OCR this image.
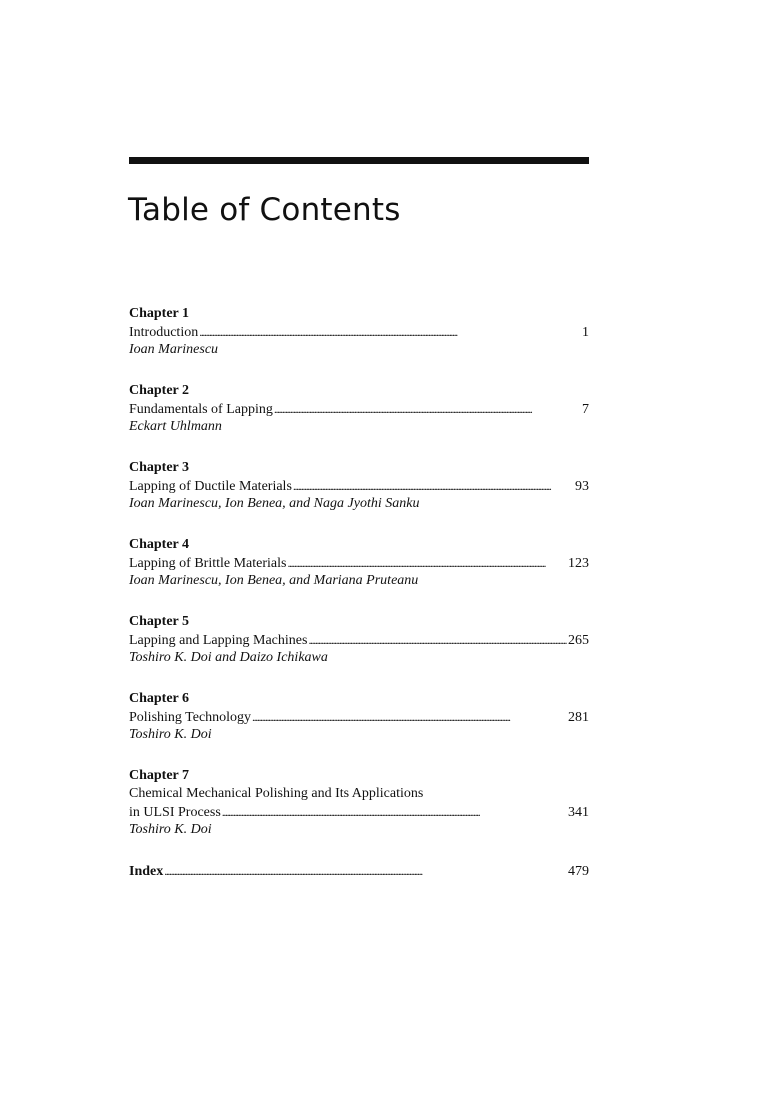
Table of Contents
Chapter 1
Introduction . . .	1
Ioan Marinescu
Chapter 2
Fundamentals of Lapping . . .	7
Eckart Uhlmann
Chapter 3
Lapping of Ductile Materials . . .	93
Ioan Marinescu, Ion Benea, and Naga Jyothi Sanku
Chapter 4
Lapping of Brittle Materials . . .	123
Ioan Marinescu, Ion Benea, and Mariana Pruteanu
Chapter 5
Lapping and Lapping Machines . . .	265
Toshiro K. Doi and Daizo Ichikawa
Chapter 6
Polishing Technology . . .	281
Toshiro K. Doi
Chapter 7
Chemical Mechanical Polishing and Its Applications
in ULSI Process . . .	341
Toshiro K. Doi
Index . . .	479
